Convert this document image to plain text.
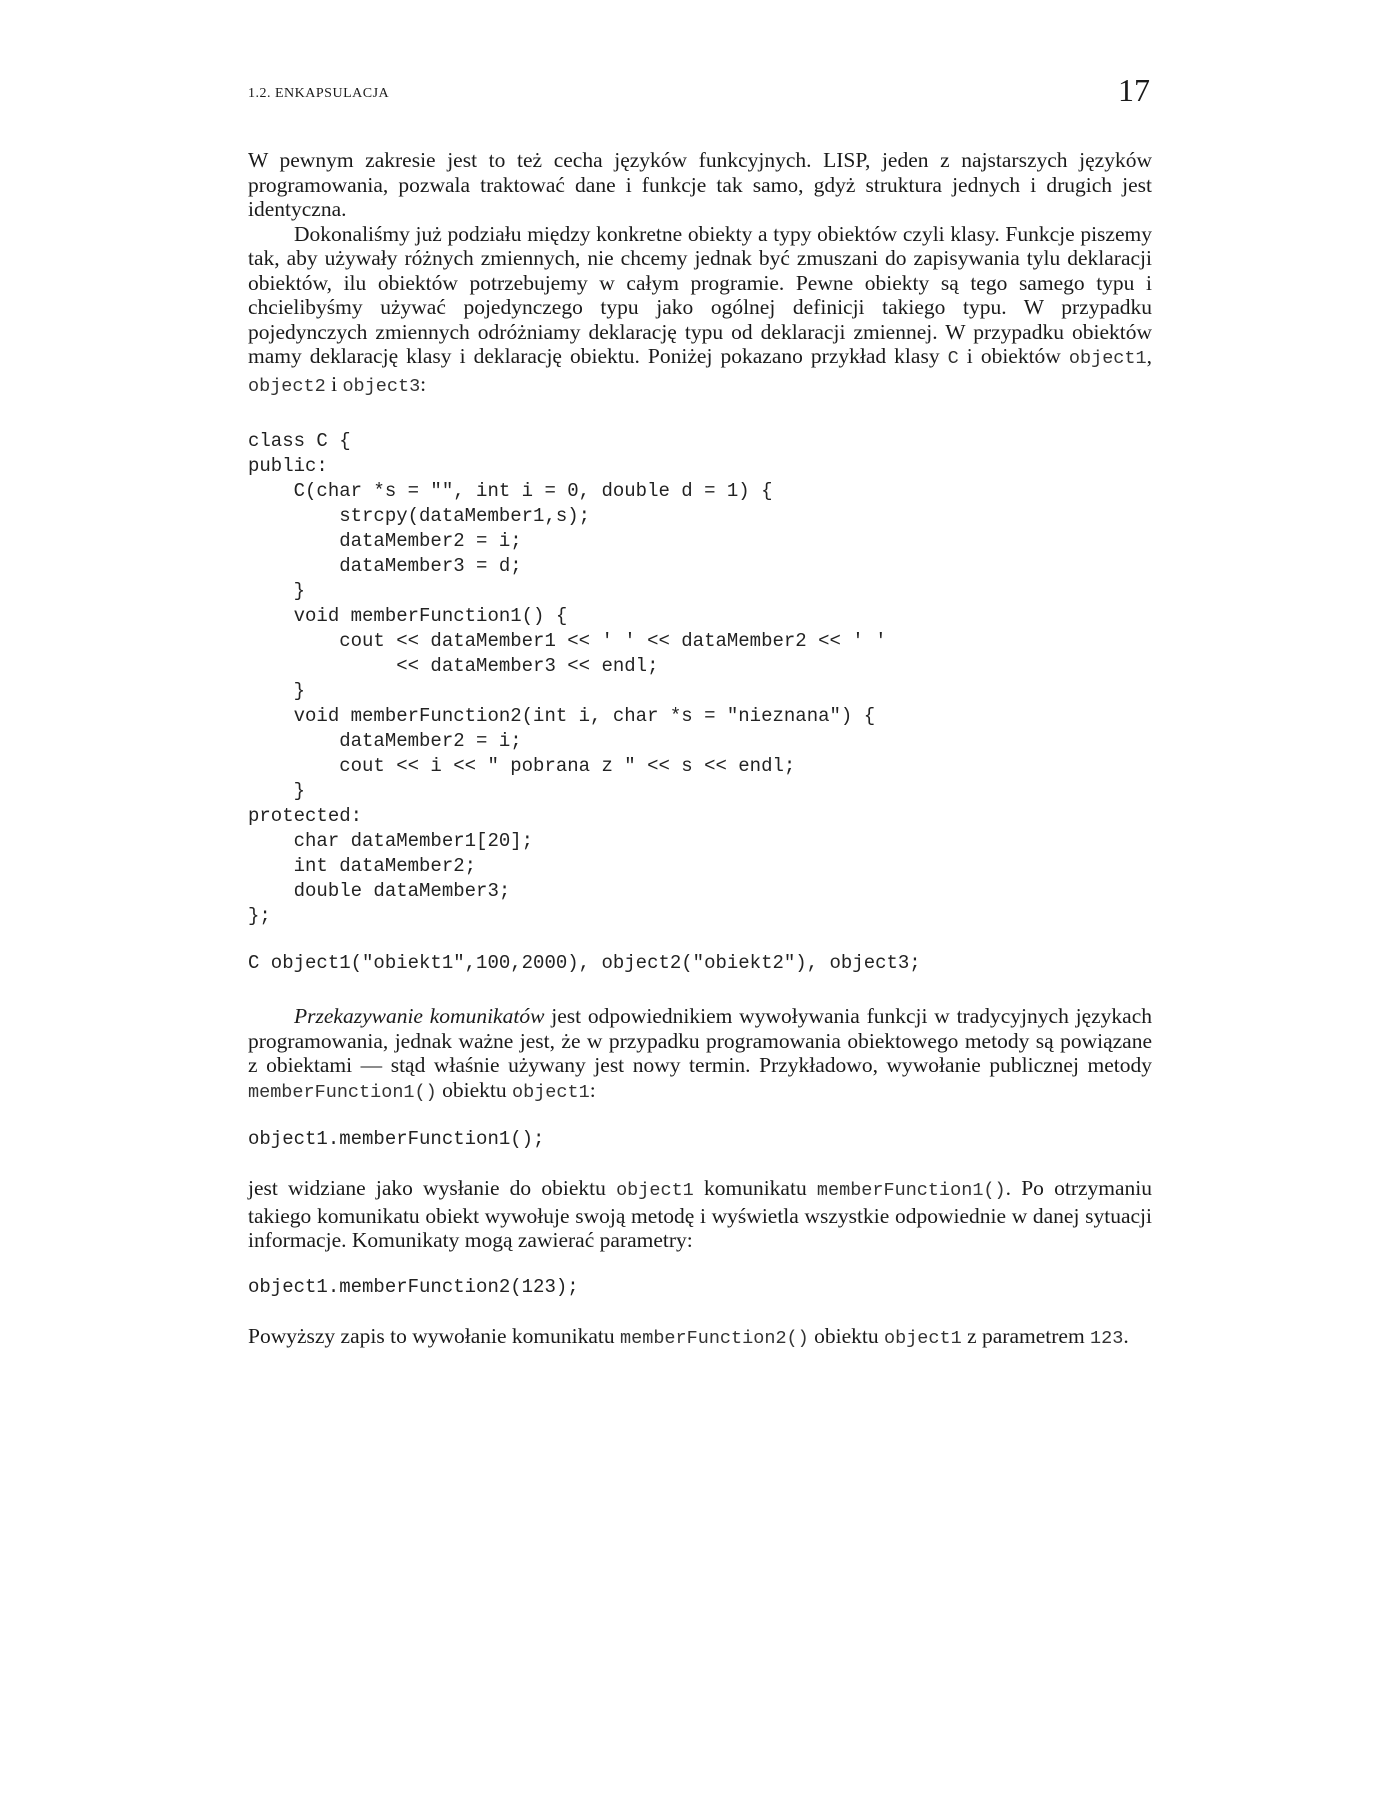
1.2. ENKAPSULACJA	17

W pewnym zakresie jest to też cecha języków funkcyjnych. LISP, jeden z najstarszych języków programowania, pozwala traktować dane i funkcje tak samo, gdyż struktura jednych i drugich jest identyczna.

Dokonaliśmy już podziału między konkretne obiekty a typy obiektów czyli klasy. Funkcje piszemy tak, aby używały różnych zmiennych, nie chcemy jednak być zmuszani do zapisywania tylu deklaracji obiektów, ilu obiektów potrzebujemy w całym programie. Pewne obiekty są tego samego typu i chcielibyśmy używać pojedynczego typu jako ogólnej definicji takiego typu. W przypadku pojedynczych zmiennych odróżniamy deklarację typu od deklaracji zmiennej. W przypadku obiektów mamy deklarację klasy i deklarację obiektu. Poniżej pokazano przykład klasy C i obiektów object1, object2 i object3:

class C {
public:
C(char *s = "", int i = 0, double d = 1) {
strcpy(dataMember1,s);
dataMember2 = i;
dataMember3 = d;
}
void memberFunction1() {
cout << dataMember1 << ' ' << dataMember2 << ' '
<< dataMember3 << endl;
}
void memberFunction2(int i, char *s = "nieznana") {
dataMember2 = i;
cout << i << " pobrana z " << s << endl;
}
protected:
char dataMember1[20];
int dataMember2;
double dataMember3;
};
C object1("obiekt1",100,2000), object2("obiekt2"), object3;

Przekazywanie komunikatów jest odpowiednikiem wywoływania funkcji w tradycyjnych językach programowania, jednak ważne jest, że w przypadku programowania obiektowego metody są powiązane z obiektami — stąd właśnie używany jest nowy termin. Przykładowo, wywołanie publicznej metody memberFunction1() obiektu object1:

object1.memberFunction1();

jest widziane jako wysłanie do obiektu object1 komunikatu memberFunction1(). Po otrzymaniu takiego komunikatu obiekt wywołuje swoją metodę i wyświetla wszystkie odpowiednie w danej sytuacji informacje. Komunikaty mogą zawierać parametry:

object1.memberFunction2(123);

Powyższy zapis to wywołanie komunikatu memberFunction2() obiektu object1 z parametrem 123.
